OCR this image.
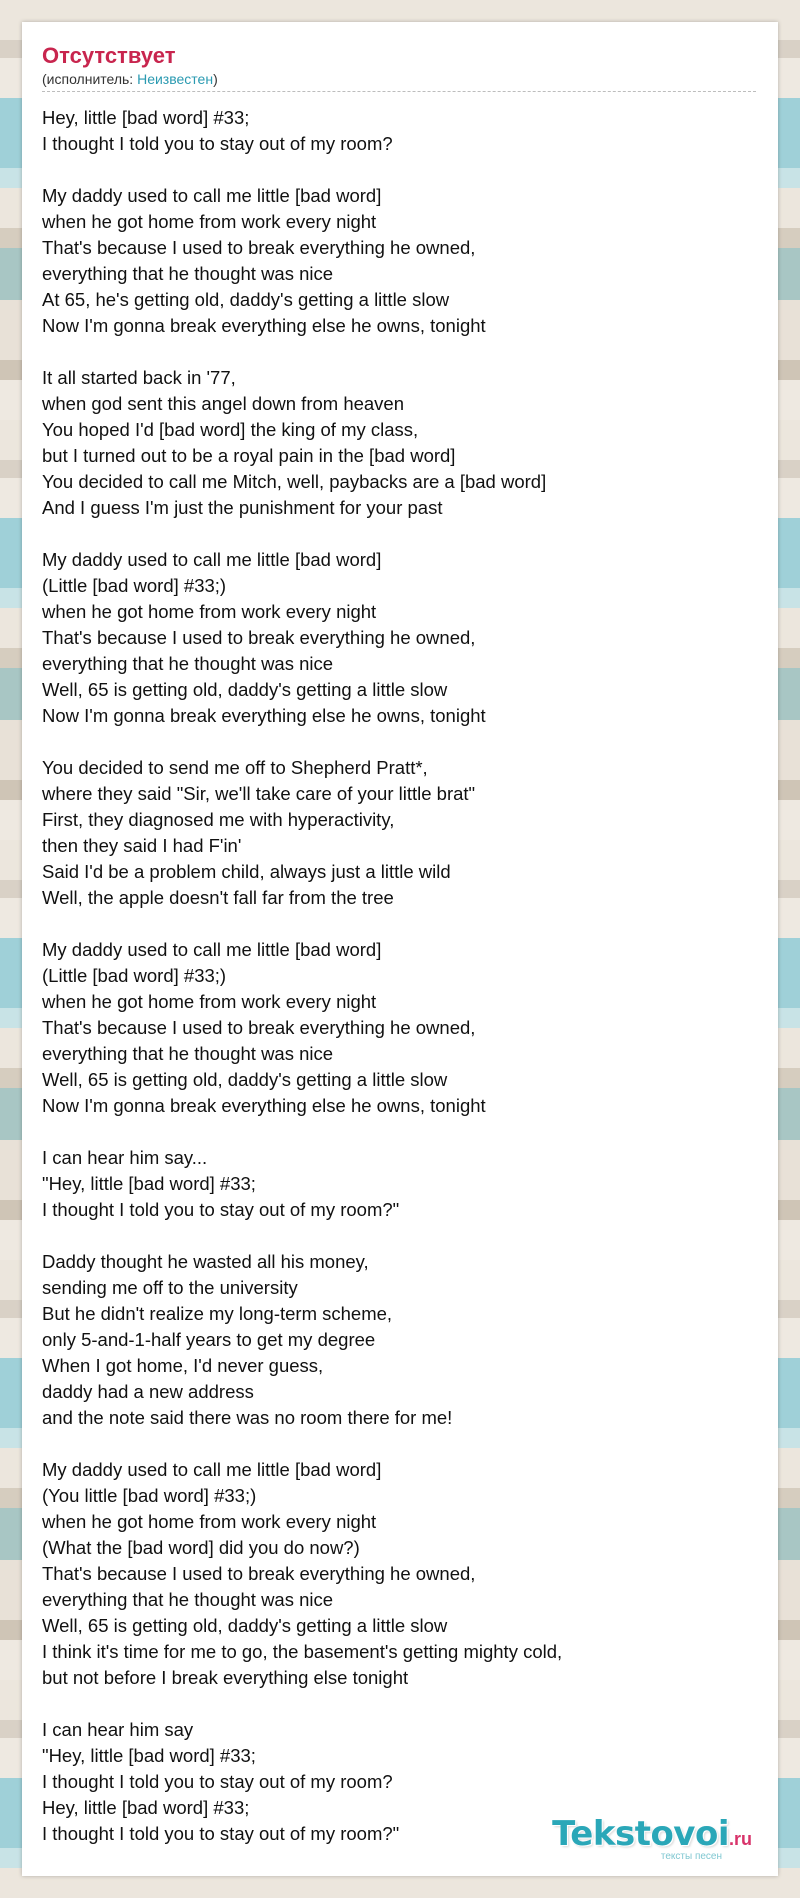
Отсутствует
(исполнитель: Неизвестен)
Hey, little [bad word] #33;
I thought I told you to stay out of my room?
My daddy used to call me little [bad word]
when he got home from work every night
That's because I used to break everything he owned,
everything that he thought was nice
At 65, he's getting old, daddy's getting a little slow
Now I'm gonna break everything else he owns, tonight
It all started back in '77,
when god sent this angel down from heaven
You hoped I'd [bad word] the king of my class,
but I turned out to be a royal pain in the [bad word]
You decided to call me Mitch, well, paybacks are a [bad word]
And I guess I'm just the punishment for your past
My daddy used to call me little [bad word]
(Little [bad word] #33;)
when he got home from work every night
That's because I used to break everything he owned,
everything that he thought was nice
Well, 65 is getting old, daddy's getting a little slow
Now I'm gonna break everything else he owns, tonight
You decided to send me off to Shepherd Pratt*,
where they said "Sir, we'll take care of your little brat"
First, they diagnosed me with hyperactivity,
then they said I had F'in'
Said I'd be a problem child, always just a little wild
Well, the apple doesn't fall far from the tree
My daddy used to call me little [bad word]
(Little [bad word] #33;)
when he got home from work every night
That's because I used to break everything he owned,
everything that he thought was nice
Well, 65 is getting old, daddy's getting a little slow
Now I'm gonna break everything else he owns, tonight
I can hear him say...
"Hey, little [bad word] #33;
I thought I told you to stay out of my room?"
Daddy thought he wasted all his money,
sending me off to the university
But he didn't realize my long-term scheme,
only 5-and-1-half years to get my degree
When I got home, I'd never guess,
daddy had a new address
and the note said there was no room there for me!
My daddy used to call me little [bad word]
(You little [bad word] #33;)
when he got home from work every night
(What the [bad word] did you do now?)
That's because I used to break everything he owned,
everything that he thought was nice
Well, 65 is getting old, daddy's getting a little slow
I think it's time for me to go, the basement's getting mighty cold,
but not before I break everything else tonight
I can hear him say
"Hey, little [bad word] #33;
I thought I told you to stay out of my room?
Hey, little [bad word] #33;
I thought I told you to stay out of my room?"	Tekstovoi.ru
тексты песен
